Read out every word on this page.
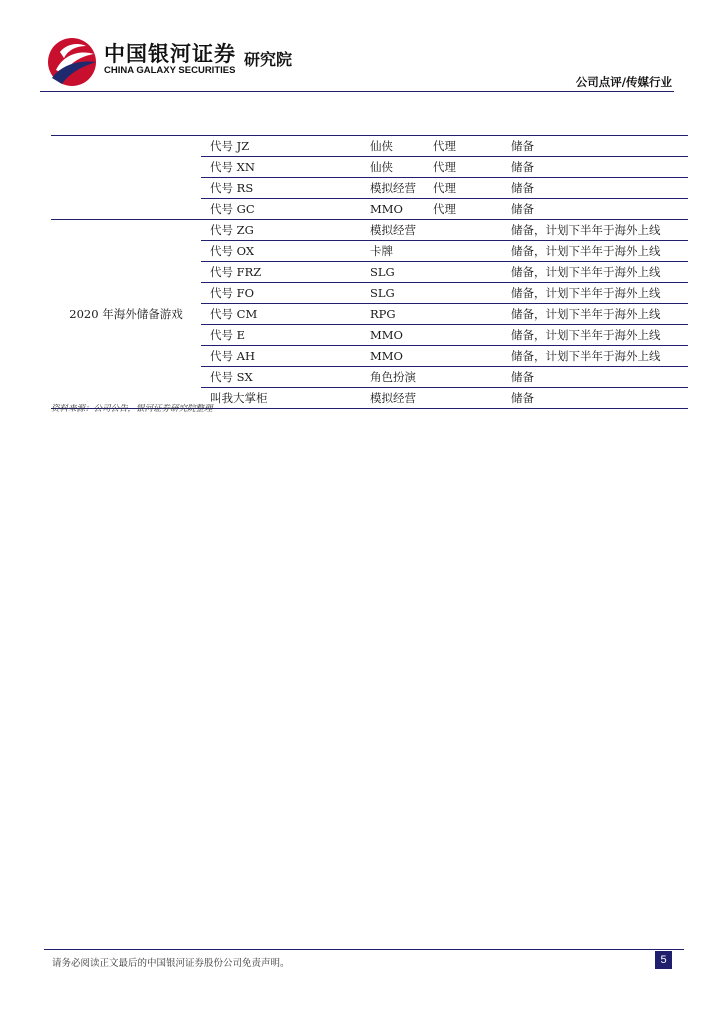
中国银河证券
CHINA GALAXY SECURITIES
研究院
公司点评/传媒行业
	代号 JZ	仙侠	代理	储备
	代号 XN	仙侠	代理	储备
	代号 RS	模拟经营	代理	储备
	代号 GC	MMO	代理	储备
2020 年海外储备游戏	代号 ZG	模拟经营		储备，计划下半年于海外上线
	代号 OX	卡牌		储备，计划下半年于海外上线
	代号 FRZ	SLG		储备，计划下半年于海外上线
	代号 FO	SLG		储备，计划下半年于海外上线
	代号 CM	RPG		储备，计划下半年于海外上线
	代号 E	MMO		储备，计划下半年于海外上线
	代号 AH	MMO		储备，计划下半年于海外上线
	代号 SX	角色扮演		储备
	叫我大掌柜	模拟经营		储备
资料来源：公司公告，银河证券研究院整理
请务必阅读正文最后的中国银河证券股份公司免责声明。	5
